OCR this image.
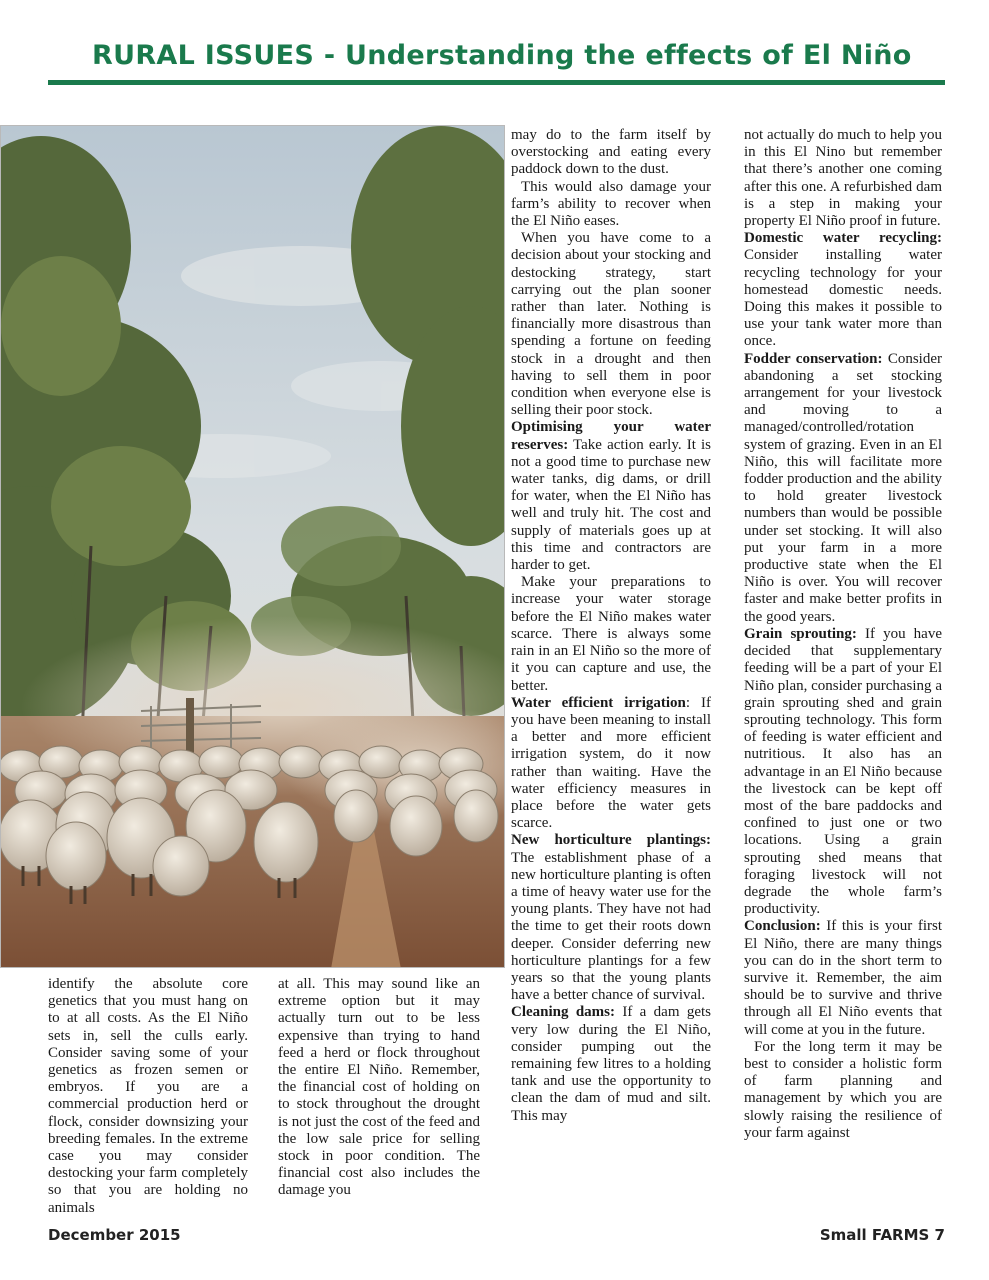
RURAL ISSUES - Understanding the effects of El Niño

identify the absolute core genetics that you must hang on to at all costs. As the El Niño sets in, sell the culls early. Consider saving some of your genetics as frozen semen or embryos. If you are a commercial production herd or flock, consider downsizing your breeding females. In the extreme case you may consider destocking your farm completely so that you are holding no animals

at all. This may sound like an extreme option but it may actually turn out to be less expensive than trying to hand feed a herd or flock throughout the entire El Niño. Remember, the financial cost of holding on to stock throughout the drought is not just the cost of the feed and the low sale price for selling stock in poor condition. The financial cost also includes the damage you

may do to the farm itself by overstocking and eating every paddock down to the dust.

This would also damage your farm’s ability to recover when the El Niño eases.

When you have come to a decision about your stocking and destocking strategy, start carrying out the plan sooner rather than later. Nothing is financially more disastrous than spending a fortune on feeding stock in a drought and then having to sell them in poor condition when everyone else is selling their poor stock.

Optimising your water reserves: Take action early. It is not a good time to purchase new water tanks, dig dams, or drill for water, when the El Niño has well and truly hit. The cost and supply of materials goes up at this time and contractors are harder to get.

Make your preparations to increase your water storage before the El Niño makes water scarce. There is always some rain in an El Niño so the more of it you can capture and use, the better.

Water efficient irrigation: If you have been meaning to install a better and more efficient irrigation system, do it now rather than waiting. Have the water efficiency measures in place before the water gets scarce.

New horticulture plantings: The establishment phase of a new horticulture planting is often a time of heavy water use for the young plants. They have not had the time to get their roots down deeper. Consider deferring new horticulture plantings for a few years so that the young plants have a better chance of survival.

Cleaning dams: If a dam gets very low during the El Niño, consider pumping out the remaining few litres to a holding tank and use the opportunity to clean the dam of mud and silt. This may

not actually do much to help you in this El Nino but remember that there’s another one coming after this one. A refurbished dam is a step in making your property El Niño proof in future.

Domestic water recycling: Consider installing water recycling technology for your homestead domestic needs. Doing this makes it possible to use your tank water more than once.

Fodder conservation: Consider abandoning a set stocking arrangement for your livestock and moving to a managed/controlled/rotation system of grazing. Even in an El Niño, this will facilitate more fodder production and the ability to hold greater livestock numbers than would be possible under set stocking. It will also put your farm in a more productive state when the El Niño is over. You will recover faster and make better profits in the good years.

Grain sprouting: If you have decided that supplementary feeding will be a part of your El Niño plan, consider purchasing a grain sprouting shed and grain sprouting technology. This form of feeding is water efficient and nutritious. It also has an advantage in an El Niño because the livestock can be kept off most of the bare paddocks and confined to just one or two locations. Using a grain sprouting shed means that foraging livestock will not degrade the whole farm’s productivity.

Conclusion: If this is your first El Niño, there are many things you can do in the short term to survive it. Remember, the aim should be to survive and thrive through all El Niño events that will come at you in the future.

For the long term it may be best to consider a holistic form of farm planning and management by which you are slowly raising the resilience of your farm against

December 2015	Small FARMS 7
